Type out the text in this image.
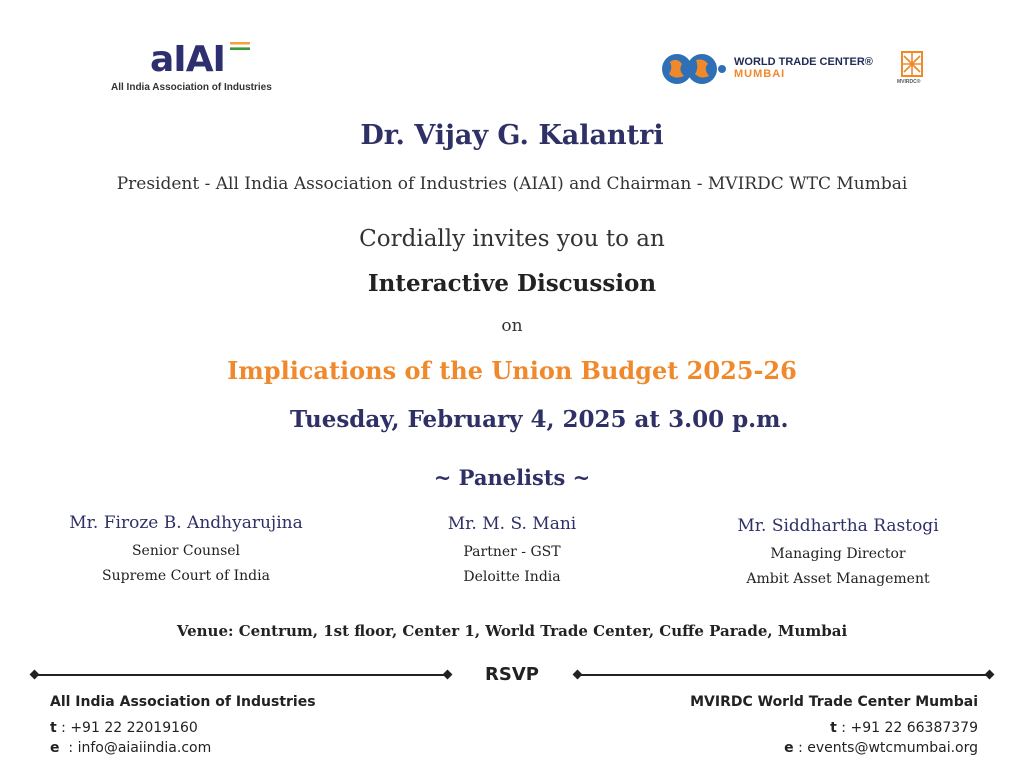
aIAI
All India Association of Industries
WORLD TRADE CENTER®
MUMBAI
MVIRDC®
Dr. Vijay G. Kalantri
President - All India Association of Industries (AIAI) and Chairman - MVIRDC WTC Mumbai
Cordially invites you to an
Interactive Discussion
on
Implications of the Union Budget 2025-26
Tuesday, February 4, 2025 at 3.00 p.m.
~ Panelists ~
Mr. Firoze B. Andhyarujina
Senior Counsel
Supreme Court of India
Mr. M. S. Mani
Partner - GST
Deloitte India
Mr. Siddhartha Rastogi
Managing Director
Ambit Asset Management
Venue: Centrum, 1st floor, Center 1, World Trade Center, Cuffe Parade, Mumbai
RSVP
All India Association of Industries
t : +91 22 22019160
e  : info@aiaiindia.com
MVIRDC World Trade Center Mumbai
t : +91 22 66387379
e : events@wtcmumbai.org
